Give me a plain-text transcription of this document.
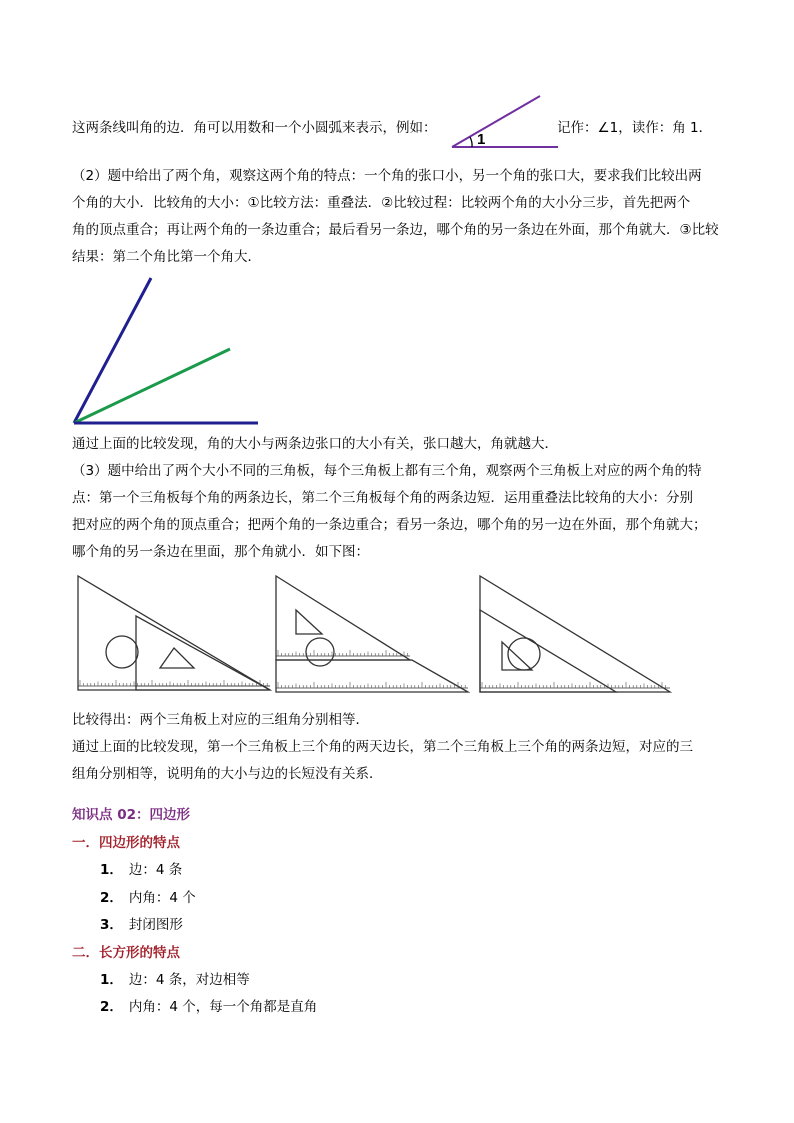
这两条线叫角的边．角可以用数和一个小圆弧来表示，例如：
1
记作：∠1，读作：角 1．
（2）题中给出了两个角，观察这两个角的特点：一个角的张口小，另一个角的张口大，要求我们比较出两
个角的大小．比较角的大小：①比较方法：重叠法．②比较过程：比较两个角的大小分三步，首先把两个
角的顶点重合；再让两个角的一条边重合；最后看另一条边，哪个角的另一条边在外面，那个角就大．③比较
结果：第二个角比第一个角大．
通过上面的比较发现，角的大小与两条边张口的大小有关，张口越大，角就越大．
（3）题中给出了两个大小不同的三角板，每个三角板上都有三个角，观察两个三角板上对应的两个角的特
点：第一个三角板每个角的两条边长，第二个三角板每个角的两条边短．运用重叠法比较角的大小：分别
把对应的两个角的顶点重合；把两个角的一条边重合；看另一条边，哪个角的另一边在外面，那个角就大；
哪个角的另一条边在里面，那个角就小．如下图：
比较得出：两个三角板上对应的三组角分别相等．
通过上面的比较发现，第一个三角板上三个角的两天边长，第二个三角板上三个角的两条边短，对应的三
组角分别相等，说明角的大小与边的长短没有关系．
知识点 02：四边形
一．四边形的特点
1． 边：4 条
2． 内角：4 个
3． 封闭图形
二．长方形的特点
1． 边：4 条，对边相等
2． 内角：4 个，每一个角都是直角
